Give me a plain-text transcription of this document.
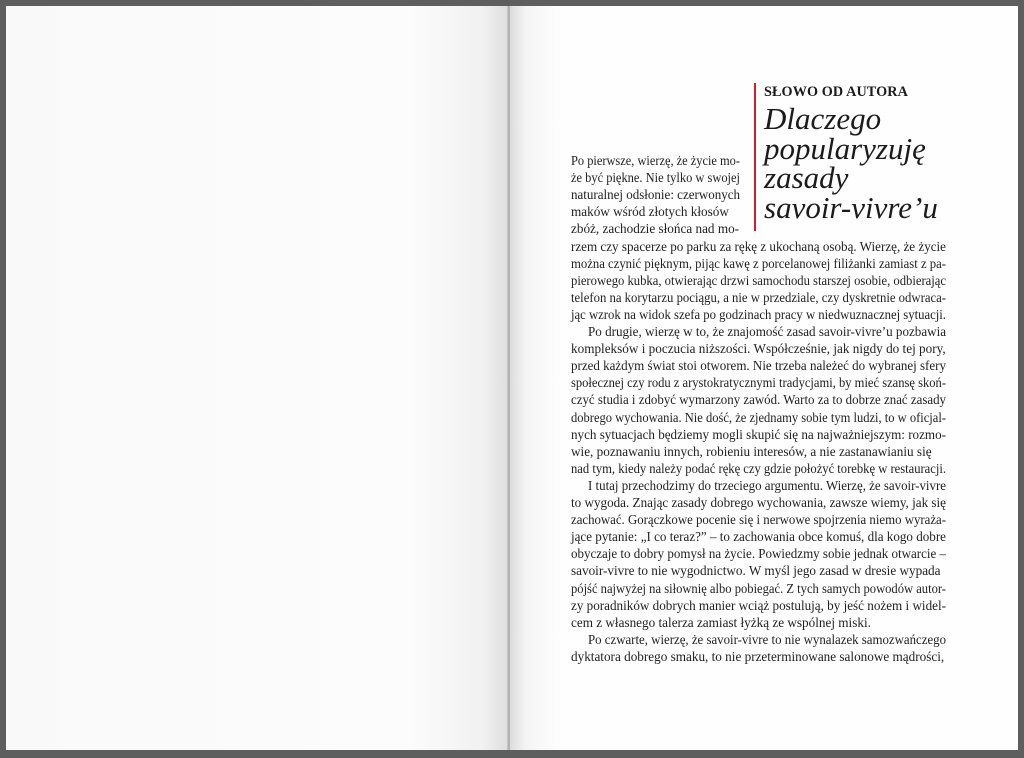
SŁOWO OD AUTORA
Dlaczego
popularyzuję
zasady
savoir-vivre’u
Po pierwsze, wierzę, że życie mo-
że być piękne. Nie tylko w swojej
naturalnej odsłonie: czerwonych
maków wśród złotych kłosów
zbóż, zachodzie słońca nad mo-
rzem czy spacerze po parku za rękę z ukochaną osobą. Wierzę, że życie
można czynić pięknym, pijąc kawę z porcelanowej filiżanki zamiast z pa-
pierowego kubka, otwierając drzwi samochodu starszej osobie, odbierając
telefon na korytarzu pociągu, a nie w przedziale, czy dyskretnie odwraca-
jąc wzrok na widok szefa po godzinach pracy w niedwuznacznej sytuacji.
Po drugie, wierzę w to, że znajomość zasad savoir-vivre’u pozbawia
kompleksów i poczucia niższości. Współcześnie, jak nigdy do tej pory,
przed każdym świat stoi otworem. Nie trzeba należeć do wybranej sfery
społecznej czy rodu z arystokratycznymi tradycjami, by mieć szansę skoń-
czyć studia i zdobyć wymarzony zawód. Warto za to dobrze znać zasady
dobrego wychowania. Nie dość, że zjednamy sobie tym ludzi, to w oficjal-
nych sytuacjach będziemy mogli skupić się na najważniejszym: rozmo-
wie, poznawaniu innych, robieniu interesów, a nie zastanawianiu się
nad tym, kiedy należy podać rękę czy gdzie położyć torebkę w restauracji.
I tutaj przechodzimy do trzeciego argumentu. Wierzę, że savoir-vivre
to wygoda. Znając zasady dobrego wychowania, zawsze wiemy, jak się
zachować. Gorączkowe pocenie się i nerwowe spojrzenia niemo wyraża-
jące pytanie: „I co teraz?” – to zachowania obce komuś, dla kogo dobre
obyczaje to dobry pomysł na życie. Powiedzmy sobie jednak otwarcie –
savoir-vivre to nie wygodnictwo. W myśl jego zasad w dresie wypada
pójść najwyżej na siłownię albo pobiegać. Z tych samych powodów autor-
zy poradników dobrych manier wciąż postulują, by jeść nożem i widel-
cem z własnego talerza zamiast łyżką ze wspólnej miski.
Po czwarte, wierzę, że savoir-vivre to nie wynalazek samozwańczego
dyktatora dobrego smaku, to nie przeterminowane salonowe mądrości,
